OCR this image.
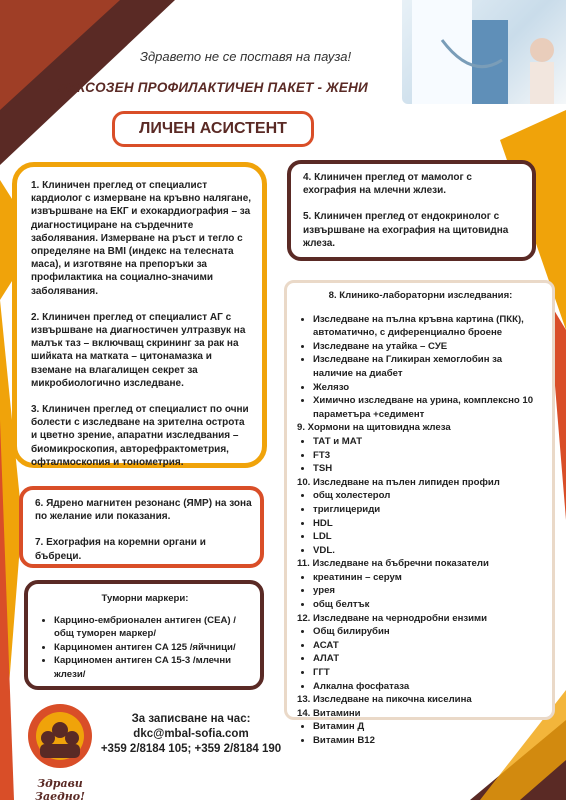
Здравето не се поставя на пауза!
ЛУКСОЗЕН ПРОФИЛАКТИЧЕН ПАКЕТ - ЖЕНИ
ЛИЧЕН АСИСТЕНТ

1. Клиничен преглед от специалист кардиолог с измерване на кръвно налягане, извършване на ЕКГ и ехокардиография – за диагностициране на сърдечните заболявания. Измерване на ръст и тегло с определяне на BMI (индекс на телесната маса), и изготвяне на препоръки за профилактика на социално-значими заболявания.

2. Клиничен преглед от специалист АГ с извършване на диагностичен ултразвук на малък таз – включващ скрининг за рак на шийката на матката – цитонамазка и вземане на влагалищен секрет за микробиологично изследване.

3. Клиничен преглед от специалист по очни болести с изследване на зрителна острота и цветно зрение, апаратни изследвания – биомикроскопия, авторефрактометрия, офталмоскопия и тонометрия.

4. Клиничен преглед от мамолог с ехография на млечни жлези.

5. Клиничен преглед от ендокринолог с извършване на ехография на щитовидна жлеза.

8. Клинико-лабораторни изследвания:
• Изследване на пълна кръвна картина (ПКК), автоматично, с диференциално броене
• Изследване на утайка – СУЕ
• Изследване на Гликиран хемоглобин за наличие на диабет
• Желязо
• Химично изследване на урина, комплексно 10 параметъра +седимент
9. Хормони на щитовидна жлеза
• ТАТ и МАТ
• FT3
• TSH
10. Изследване на пълен липиден профил
• общ холестерол
• триглицериди
• HDL
• LDL
• VDL.
11. Изследване на бъбречни показатели
• креатинин – серум
• урея
• общ белтък
12. Изследване на чернодробни ензими
• Общ билирубин
• АСАТ
• АЛАТ
• ГГТ
• Алкална фосфатаза
13. Изследване на пикочна киселина
14. Витамини
• Витамин Д
• Витамин В12

6. Ядрено магнитен резонанс (ЯМР) на зона по желание или показания.

7. Ехография на коремни органи и бъбреци.

Туморни маркери:
• Карцино-ембрионален антиген (CEA) /общ туморен маркер/
• Карциномен антиген CA 125 /яйчници/
• Карциномен антиген CA 15-3 /млечни жлези/
Здрави Заедно!
За записване на час:
dkc@mbal-sofia.com
+359 2/8184 105; +359 2/8184 190
